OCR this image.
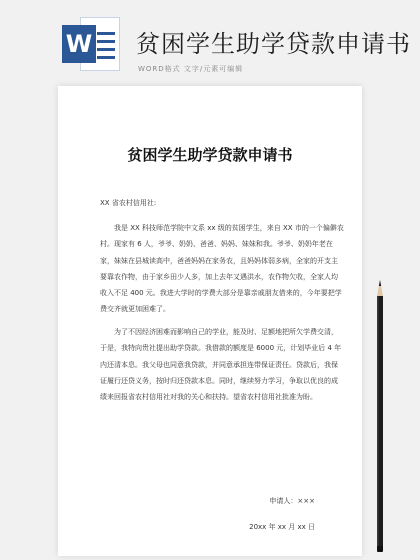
W 贫困学生助学贷款申请书
WORD格式 文字/元素可编辑
贫困学生助学贷款申请书
XX 省农村信用社:
我是 XX 科技师范学院中文系 xx 级的贫困学生，来自 XX 市的一个偏僻农
村。现家有 6 人，爷爷、奶奶、爸爸、妈妈、妹妹和我。爷爷、奶奶年老在
家，妹妹在县城读高中，爸爸妈妈在家务农，且妈妈体弱多病，全家的开支主
要靠农作物，由于家乡田少人多，加上去年又遇洪水，农作物欠收，全家人均
收入不足 400 元。我进大学时的学费大部分是靠亲戚朋友借来的，今年要把学
费交齐就更加困难了。
为了不因经济困难而影响自己的学业，能及时、足额地把所欠学费交清，
于是，我特向贵社提出助学贷款。我借款的额度是 6000 元，计划毕业后 4 年
内还清本息。我父母也同意我贷款，并同意承担连带保证责任。贷款后，我保
证履行还贷义务，按时归还贷款本息。同时，继续努力学习，争取以优良的成
绩来回报省农村信用社对我的关心和扶持。望省农村信用社批准为盼。
申请人：×××
20xx 年 xx 月 xx 日
